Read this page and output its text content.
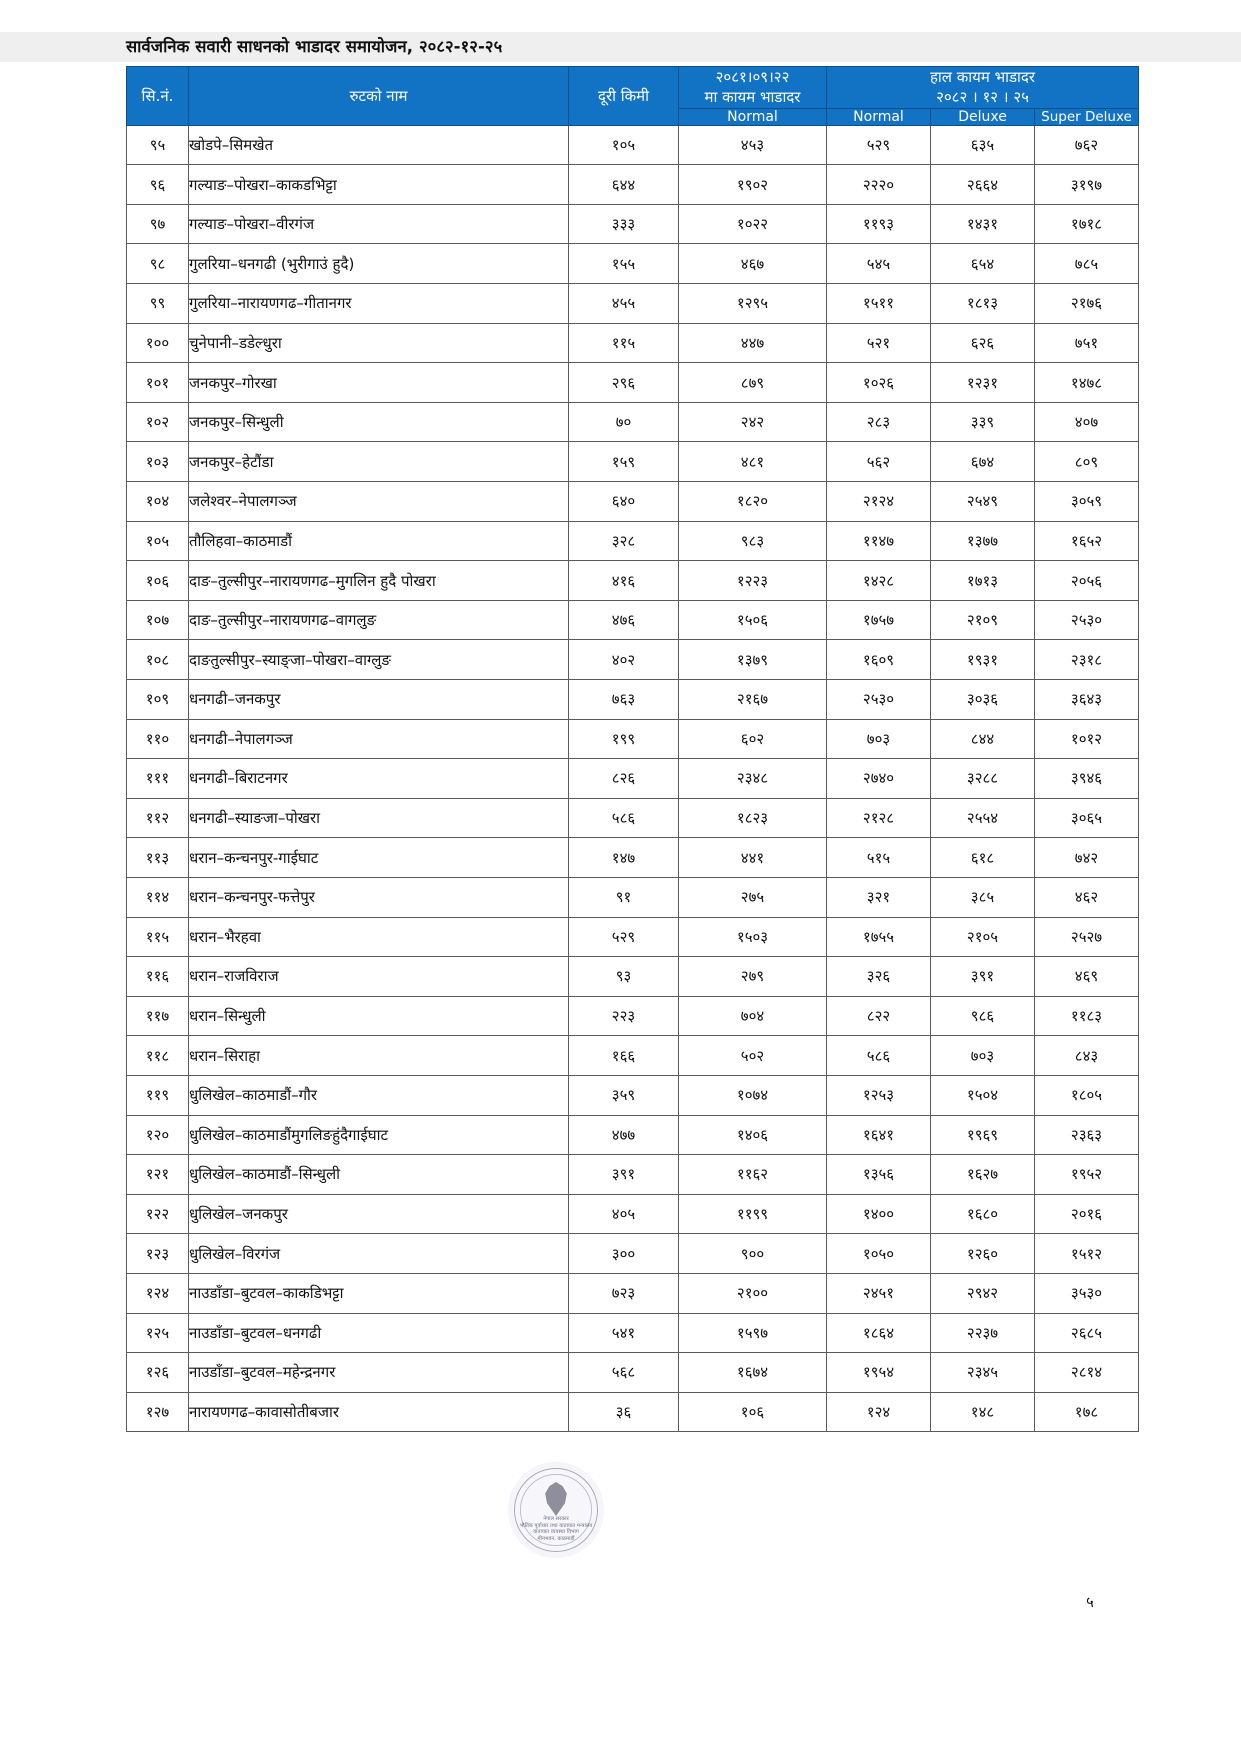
सार्वजनिक सवारी साधनको भाडादर समायोजन, २०८२-१२-२५
सि.नं.	रुटको नाम	दूरी किमी	
२०८१।०९।२२
मा कायम भाडादर

हाल कायम भाडादर
२०८२ । १२ । २५

			Normal	Normal	Deluxe	Super Deluxe
९५	खोडपे–सिमखेत	१०५	४५३	५२९	६३५	७६२
९६	गल्याङ–पोखरा–काकडभिट्टा	६४४	१९०२	२२२०	२६६४	३१९७
९७	गल्याङ–पोखरा–वीरगंज	३३३	१०२२	११९३	१४३१	१७१८
९८	गुलरिया–धनगढी (भुरीगाउं हुदै)	१५५	४६७	५४५	६५४	७८५
९९	गुलरिया–नारायणगढ–गीतानगर	४५५	१२९५	१५११	१८१३	२१७६
१००	चुनेपानी–डडेल्धुरा	११५	४४७	५२१	६२६	७५१
१०१	जनकपुर–गोरखा	२९६	८७९	१०२६	१२३१	१४७८
१०२	जनकपुर–सिन्धुली	७०	२४२	२८३	३३९	४०७
१०३	जनकपुर–हेटौंडा	१५९	४८१	५६२	६७४	८०९
१०४	जलेश्वर–नेपालगञ्ज	६४०	१८२०	२१२४	२५४९	३०५९
१०५	तौलिहवा–काठमाडौं	३२८	९८३	११४७	१३७७	१६५२
१०६	दाङ–तुल्सीपुर–नारायणगढ–मुगलिन हुदै पोखरा	४१६	१२२३	१४२८	१७१३	२०५६
१०७	दाङ–तुल्सीपुर–नारायणगढ–वागलुङ	४७६	१५०६	१७५७	२१०९	२५३०
१०८	दाङतुल्सीपुर–स्याङ्जा–पोखरा–वाग्लुङ	४०२	१३७९	१६०९	१९३१	२३१८
१०९	धनगढी–जनकपुर	७६३	२१६७	२५३०	३०३६	३६४३
११०	धनगढी–नेपालगञ्ज	१९९	६०२	७०३	८४४	१०१२
१११	धनगढी–बिराटनगर	८२६	२३४८	२७४०	३२८८	३९४६
११२	धनगढी–स्याङजा–पोखरा	५८६	१८२३	२१२८	२५५४	३०६५
११३	धरान–कन्चनपुर-गाईघाट	१४७	४४१	५१५	६१८	७४२
११४	धरान–कन्चनपुर-फत्तेपुर	९१	२७५	३२१	३८५	४६२
११५	धरान–भैरहवा	५२९	१५०३	१७५५	२१०५	२५२७
११६	धरान–राजविराज	९३	२७९	३२६	३९१	४६९
११७	धरान–सिन्धुली	२२३	७०४	८२२	९८६	११८३
११८	धरान–सिराहा	१६६	५०२	५८६	७०३	८४३
११९	धुलिखेल–काठमाडौं–गौर	३५९	१०७४	१२५३	१५०४	१८०५
१२०	धुलिखेल–काठमाडौंमुगलिङहुंदैगाईघाट	४७७	१४०६	१६४१	१९६९	२३६३
१२१	धुलिखेल–काठमाडौं–सिन्धुली	३९१	११६२	१३५६	१६२७	१९५२
१२२	धुलिखेल–जनकपुर	४०५	११९९	१४००	१६८०	२०१६
१२३	धुलिखेल–विरगंज	३००	९००	१०५०	१२६०	१५१२
१२४	नाउडाँडा–बुटवल–काकडिभट्टा	७२३	२१००	२४५१	२९४२	३५३०
१२५	नाउडाँडा–बुटवल–धनगढी	५४१	१५९७	१८६४	२२३७	२६८५
१२६	नाउडाँडा–बुटवल–महेन्द्रनगर	५६८	१६७४	१९५४	२३४५	२८१४
१२७	नारायणगढ–कावासोतीबजार	३६	१०६	१२४	१४८	१७८
नेपाल सरकार
भौतिक पूर्वाधार तथा यातायात मन्त्रालय
यातायात व्यवस्था विभाग
मीनभवन, काठमाडौं
५
